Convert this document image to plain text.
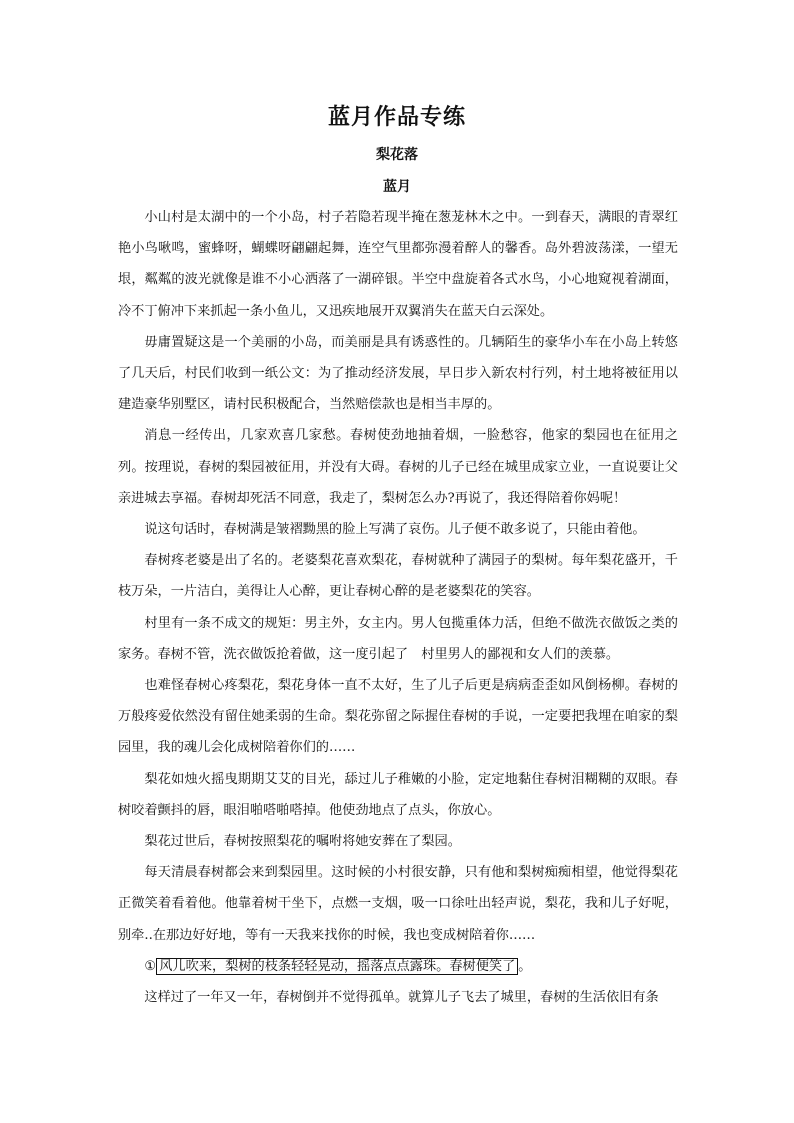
蓝月作品专练
梨花落
蓝月

小山村是太湖中的一个小岛，村子若隐若现半掩在葱茏林木之中。一到春天，满眼的青翠红艳小鸟啾鸣，蜜蜂呀，蝴蝶呀翩翩起舞，连空气里都弥漫着醉人的馨香。岛外碧波荡漾，一望无垠，粼粼的波光就像是谁不小心洒落了一湖碎银。半空中盘旋着各式水鸟，小心地窥视着湖面，冷不丁俯冲下来抓起一条小鱼儿，又迅疾地展开双翼消失在蓝天白云深处。

毋庸置疑这是一个美丽的小岛，而美丽是具有诱惑性的。几辆陌生的豪华小车在小岛上转悠了几天后，村民们收到一纸公文：为了推动经济发展，早日步入新农村行列，村土地将被征用以建造豪华别墅区，请村民积极配合，当然赔偿款也是相当丰厚的。

消息一经传出，几家欢喜几家愁。春树使劲地抽着烟，一脸愁容，他家的梨园也在征用之列。按理说，春树的梨园被征用，并没有大碍。春树的儿子已经在城里成家立业，一直说要让父亲进城去享福。春树却死活不同意，我走了，梨树怎么办?再说了，我还得陪着你妈呢！

说这句话时，春树满是皱褶黝黑的脸上写满了哀伤。儿子便不敢多说了，只能由着他。

春树疼老婆是出了名的。老婆梨花喜欢梨花，春树就种了满园子的梨树。每年梨花盛开，千枝万朵，一片洁白，美得让人心醉，更让春树心醉的是老婆梨花的笑容。

村里有一条不成文的规矩：男主外，女主内。男人包揽重体力活，但绝不做洗衣做饭之类的家务。春树不管，洗衣做饭抢着做，这一度引起了　村里男人的鄙视和女人们的羡慕。

也难怪春树心疼梨花，梨花身体一直不太好，生了儿子后更是病病歪歪如风倒杨柳。春树的万般疼爱依然没有留住她柔弱的生命。梨花弥留之际握住春树的手说，一定要把我埋在咱家的梨园里，我的魂儿会化成树陪着你们的……

梨花如烛火摇曳期期艾艾的目光，舔过儿子稚嫩的小脸，定定地黏住春树泪糊糊的双眼。春树咬着颤抖的唇，眼泪啪嗒啪嗒掉。他使劲地点了点头，你放心。

梨花过世后，春树按照梨花的嘱咐将她安葬在了梨园。

每天清晨春树都会来到梨园里。这时候的小村很安静，只有他和梨树痴痴相望，他觉得梨花正微笑着看着他。他靠着树干坐下，点燃一支烟，吸一口徐吐出轻声说，梨花，我和儿子好呢，别牵..在那边好好地，等有一天我来找你的时候，我也变成树陪着你……

① 风儿吹来，梨树的枝条轻轻晃动，摇落点点露珠。春树便笑了 。

这样过了一年又一年，春树倒并不觉得孤单。就算儿子飞去了城里，春树的生活依旧有条
